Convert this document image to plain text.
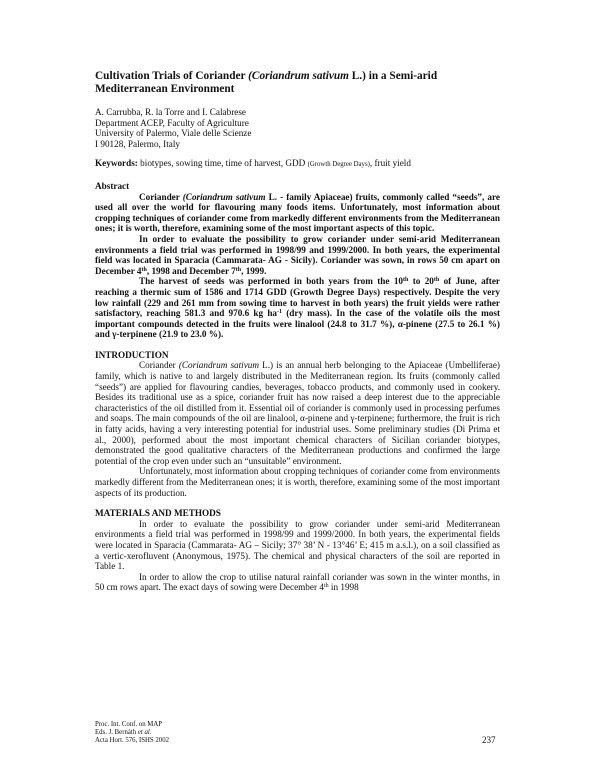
Cultivation Trials of Coriander (Coriandrum sativum L.) in a Semi-arid Mediterranean Environment
A. Carrubba, R. la Torre and I. Calabrese
Department ACEP, Faculty of Agriculture
University of Palermo, Viale delle Scienze
I 90128, Palermo, Italy
Keywords: biotypes, sowing time, time of harvest, GDD (Growth Degree Days), fruit yield
Abstract

Coriander (Coriandrum sativum L. - family Apiaceae) fruits, commonly called “seeds”, are used all over the world for flavouring many foods items. Unfortunately, most information about cropping techniques of coriander come from markedly different environments from the Mediterranean ones; it is worth, therefore, examining some of the most important aspects of this topic.

In order to evaluate the possibility to grow coriander under semi-arid Mediterranean environments a field trial was performed in 1998/99 and 1999/2000. In both years, the experimental field was located in Sparacia (Cammarata- AG - Sicily). Coriander was sown, in rows 50 cm apart on December 4th, 1998 and December 7th, 1999.

The harvest of seeds was performed in both years from the 10th to 20th of June, after reaching a thermic sum of 1586 and 1714 GDD (Growth Degree Days) respectively. Despite the very low rainfall (229 and 261 mm from sowing time to harvest in both years) the fruit yields were rather satisfactory, reaching 581.3 and 970.6 kg $ha^{-1}$ (dry mass). In the case of the volatile oils the most important compounds detected in the fruits were linalool (24.8 to 31.7 %), α-pinene (27.5 to 26.1 %) and γ-terpinene (21.9 to 23.0 %).

INTRODUCTION

Coriander (Coriandrum sativum L.) is an annual herb belonging to the Apiaceae (Umbelliferae) family, which is native to and largely distributed in the Mediterranean region. Its fruits (commonly called “seeds”) are applied for flavouring candies, beverages, tobacco products, and commonly used in cookery. Besides its traditional use as a spice, coriander fruit has now raised a deep interest due to the appreciable characteristics of the oil distilled from it. Essential oil of coriander is commonly used in processing perfumes and soaps. The main compounds of the oil are linalool, α-pinene and γ-terpinene; furthermore, the fruit is rich in fatty acids, having a very interesting potential for industrial uses. Some preliminary studies (Di Prima et al., 2000), performed about the most important chemical characters of Sicilian coriander biotypes, demonstrated the good qualitative characters of the Mediterranean productions and confirmed the large potential of the crop even under such an “unsuitable” environment.

Unfortunately, most information about cropping techniques of coriander come from environments markedly different from the Mediterranean ones; it is worth, therefore, examining some of the most important aspects of its production.

MATERIALS AND METHODS

In order to evaluate the possibility to grow coriander under semi-arid Mediterranean environments a field trial was performed in 1998/99 and 1999/2000. In both years, the experimental fields were located in Sparacia (Cammarata- AG – Sicily; 37° 38’ N - 13°46’ E; 415 m a.s.l.), on a soil classified as a vertic-xerofluvent (Anonymous, 1975). The chemical and physical characters of the soil are reported in Table 1.

In order to allow the crop to utilise natural rainfall coriander was sown in the winter months, in 50 cm rows apart. The exact days of sowing were December 4th in 1998

Proc. Int. Conf. on MAP
Eds. J. Bernáth et al.
Acta Hort. 576, ISHS 2002	237
